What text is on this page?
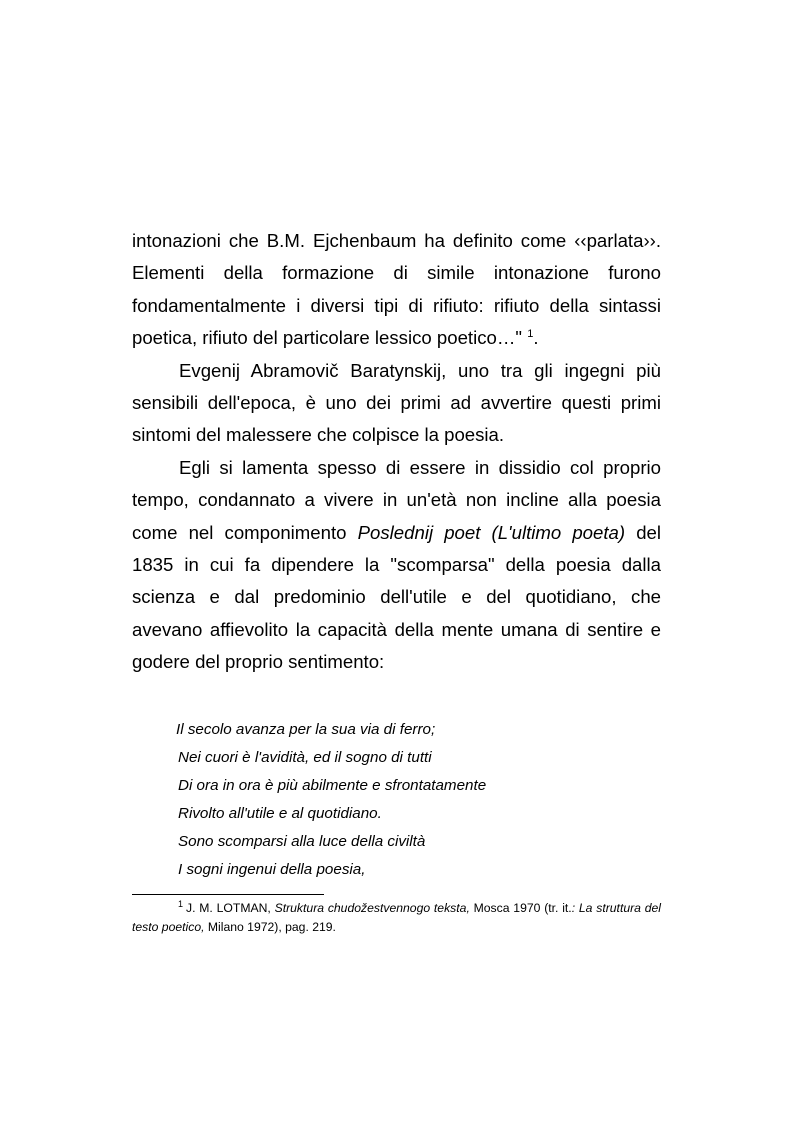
intonazioni che B.M. Ejchenbaum ha definito come ‹‹parlata››. Elementi della formazione di simile intonazione furono fondamentalmente i diversi tipi di rifiuto: rifiuto della sintassi poetica, rifiuto del particolare lessico poetico…" $^1$.

Evgenij Abramovič Baratynskij, uno tra gli ingegni più sensibili dell'epoca, è uno dei primi ad avvertire questi primi sintomi del malessere che colpisce la poesia.

Egli si lamenta spesso di essere in dissidio col proprio tempo, condannato a vivere in un'età non incline alla poesia come nel componimento Poslednij poet (L'ultimo poeta) del 1835 in cui fa dipendere la "scomparsa" della poesia dalla scienza e dal predominio dell'utile e del quotidiano, che avevano affievolito la capacità della mente umana di sentire e godere del proprio sentimento:

Il secolo avanza per la sua via di ferro;
Nei cuori è l'avidità, ed il sogno di tutti
Di ora in ora è più abilmente e sfrontatamente
Rivolto all'utile e al quotidiano.
Sono scomparsi alla luce della civiltà
I sogni ingenui della poesia,

$^1$ J. M. LOTMAN, Struktura chudožestvennogo teksta, Mosca 1970 (tr. it.: La struttura del testo poetico, Milano 1972), pag. 219.
